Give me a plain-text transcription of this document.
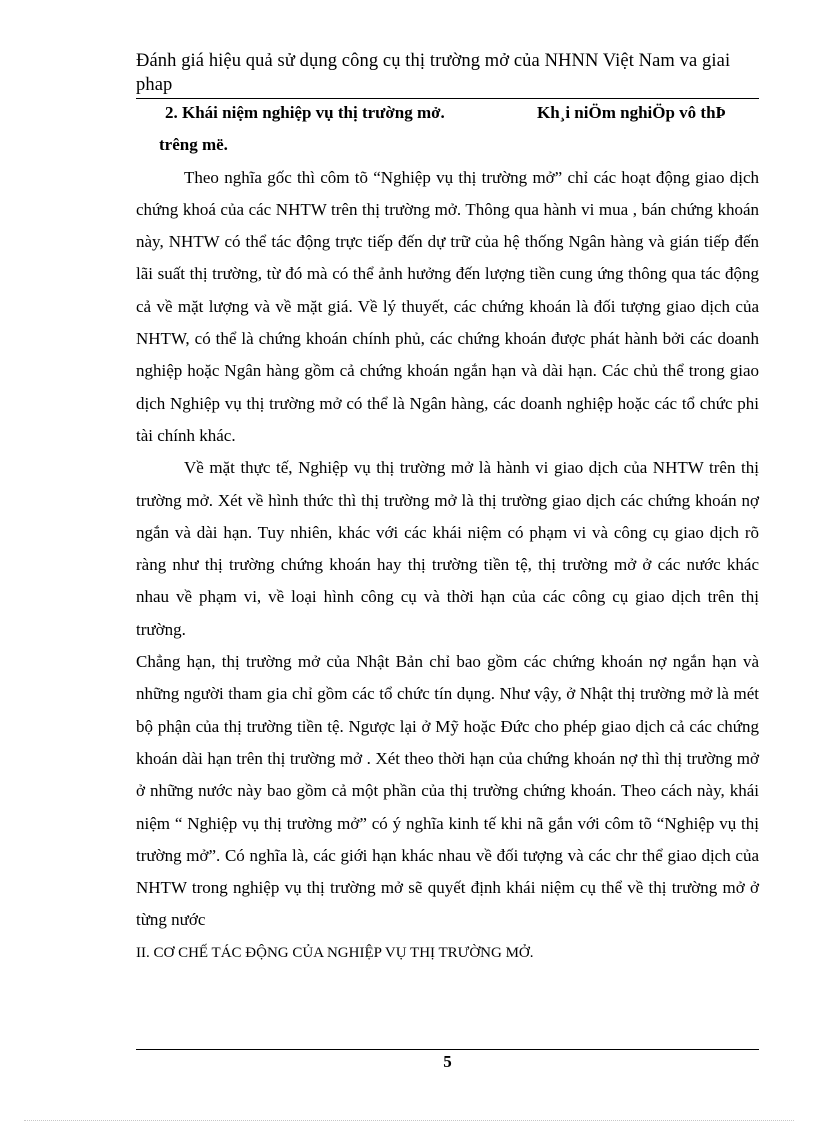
Đánh giá hiệu quả sử dụng công cụ thị trường mở của NHNN Việt Nam va giai phap
2. Khái niệm nghiệp vụ thị trường mở.	Kh¸i niÖm nghiÖp vô thÞ
trêng më.

Theo nghĩa gốc thì côm tõ “Nghiệp vụ thị trường mở” chỉ các hoạt động giao dịch chứng khoá của các NHTW trên thị trường mở. Thông qua hành vi mua , bán chứng khoán này, NHTW có thể tác động trực tiếp đến dự trữ của hệ thống Ngân hàng và gián tiếp đến lãi suất thị trường, từ đó mà có thể ảnh hưởng đến lượng tiền cung ứng thông qua tác động cả về mặt lượng và về mặt giá. Về lý thuyết, các chứng khoán là đối tượng giao dịch của NHTW, có thể là chứng khoán chính phủ, các chứng khoán được phát hành bởi các doanh nghiệp hoặc Ngân hàng gồm cả chứng khoán ngắn hạn và dài hạn. Các chủ thể trong giao dịch Nghiệp vụ thị trường mở có thể là Ngân hàng, các doanh nghiệp hoặc các tổ chức phi tài chính khác.

Về mặt thực tế, Nghiệp vụ thị trường mở là hành vi giao dịch của NHTW trên thị trường mở. Xét về hình thức thì thị trường mở là thị trường giao dịch các chứng khoán nợ ngắn và dài hạn. Tuy nhiên, khác với các khái niệm có phạm vi và công cụ giao dịch rõ ràng như thị trường chứng khoán hay thị trường tiền tệ, thị trường mở ở các nước khác nhau về phạm vi, về loại hình công cụ và thời hạn của các công cụ giao dịch trên thị trường.

Chẳng hạn, thị trường mở của Nhật Bản chỉ bao gồm các chứng khoán nợ ngắn hạn và những người tham gia chỉ gồm các tổ chức tín dụng. Như vậy, ở Nhật thị trường mở là mét bộ phận của thị trường tiền tệ. Ngược lại ở Mỹ hoặc Đức cho phép giao dịch cả các chứng khoán dài hạn trên thị trường mở . Xét theo thời hạn của chứng khoán nợ thì thị trường mở ở những nước này bao gồm cả một phần của thị trường chứng khoán. Theo cách này, khái niệm “ Nghiệp vụ thị trường mở” có ý nghĩa kinh tế khi nã gắn với côm tõ “Nghiệp vụ thị trường mở”. Có nghĩa là, các giới hạn khác nhau về đối tượng và các chr thể giao dịch của NHTW trong nghiệp vụ thị trường mở sẽ quyết định khái niệm cụ thể về thị trường mở ở từng nước

II. CƠ CHẾ TÁC ĐỘNG CỦA NGHIỆP VỤ THỊ TRƯỜNG MỞ.

5
